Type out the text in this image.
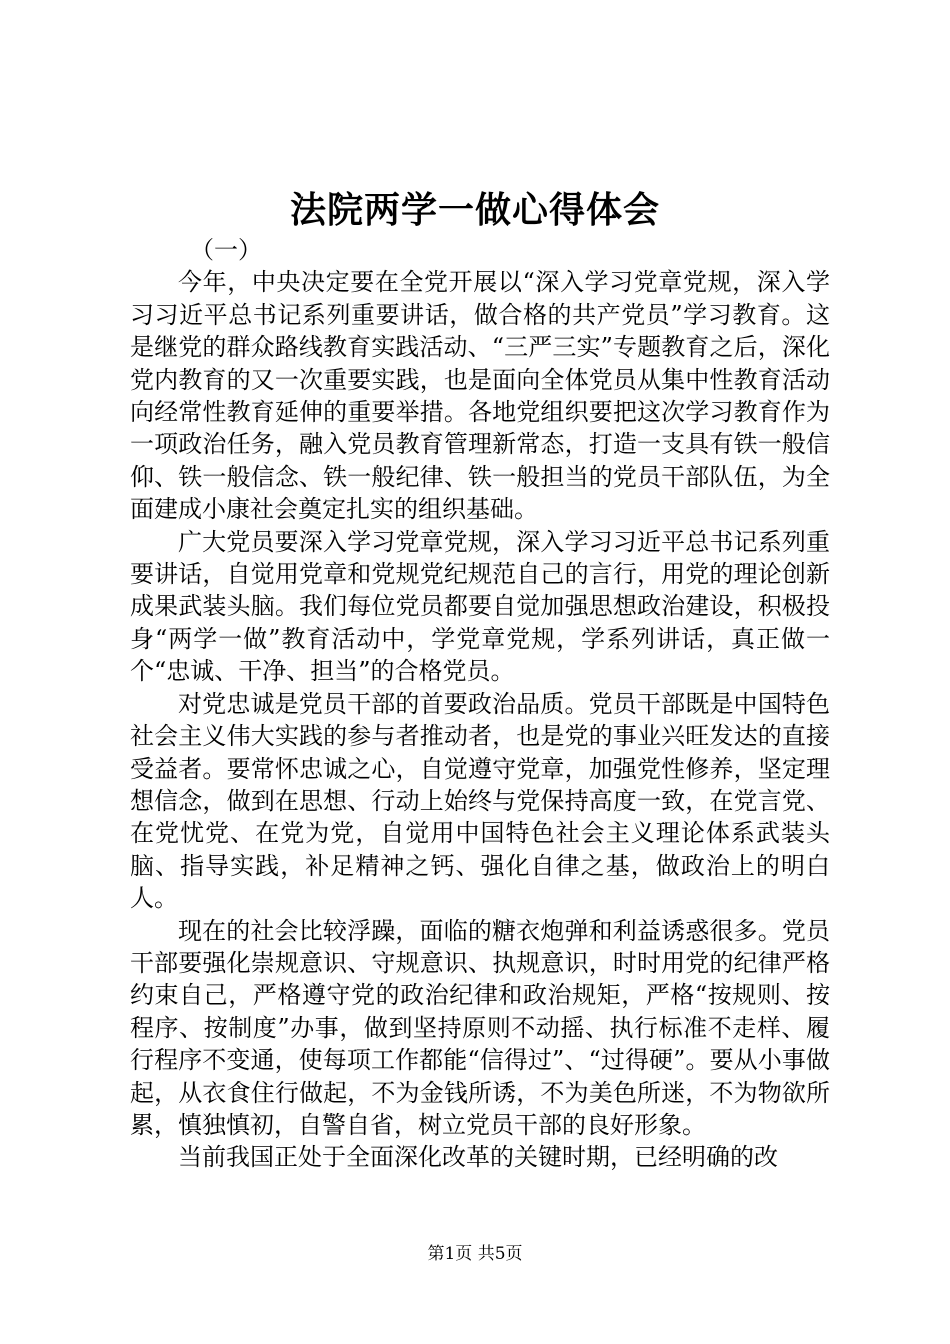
法院两学一做心得体会

（一）

今年，中央决定要在全党开展以“深入学习党章党规，深入学习习近平总书记系列重要讲话，做合格的共产党员”学习教育。这是继党的群众路线教育实践活动、“三严三实”专题教育之后，深化党内教育的又一次重要实践，也是面向全体党员从集中性教育活动向经常性教育延伸的重要举措。各地党组织要把这次学习教育作为一项政治任务，融入党员教育管理新常态，打造一支具有铁一般信仰、铁一般信念、铁一般纪律、铁一般担当的党员干部队伍，为全面建成小康社会奠定扎实的组织基础。

广大党员要深入学习党章党规，深入学习习近平总书记系列重要讲话，自觉用党章和党规党纪规范自己的言行，用党的理论创新成果武装头脑。我们每位党员都要自觉加强思想政治建设，积极投身“两学一做”教育活动中，学党章党规，学系列讲话，真正做一个“忠诚、干净、担当”的合格党员。

对党忠诚是党员干部的首要政治品质。党员干部既是中国特色社会主义伟大实践的参与者推动者，也是党的事业兴旺发达的直接受益者。要常怀忠诚之心，自觉遵守党章，加强党性修养，坚定理想信念，做到在思想、行动上始终与党保持高度一致，在党言党、在党忧党、在党为党，自觉用中国特色社会主义理论体系武装头脑、指导实践，补足精神之钙、强化自律之基，做政治上的明白人。

现在的社会比较浮躁，面临的糖衣炮弹和利益诱惑很多。党员干部要强化崇规意识、守规意识、执规意识，时时用党的纪律严格约束自己，严格遵守党的政治纪律和政治规矩，严格“按规则、按程序、按制度”办事，做到坚持原则不动摇、执行标准不走样、履行程序不变通，使每项工作都能“信得过”、“过得硬”。要从小事做起，从衣食住行做起，不为金钱所诱，不为美色所迷，不为物欲所累，慎独慎初，自警自省，树立党员干部的良好形象。

当前我国正处于全面深化改革的关键时期，已经明确的改

第1页 共5页
